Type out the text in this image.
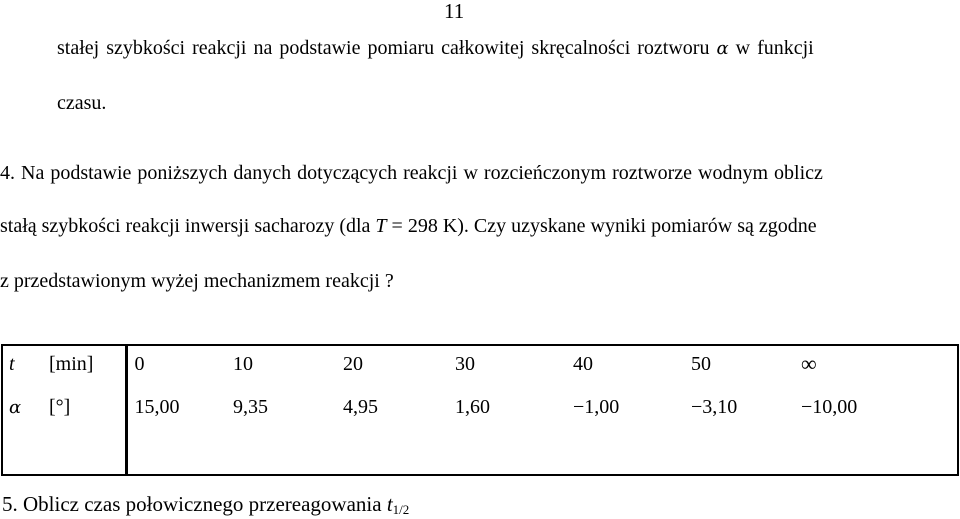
11
stałej szybkości reakcji na podstawie pomiaru całkowitej skręcalności roztworu α w funkcji
czasu.
4. Na podstawie poniższych danych dotyczących reakcji w rozcieńczonym roztworze wodnym oblicz
stałą szybkości reakcji inwersji sacharozy (dla T = 298 K). Czy uzyskane wyniki pomiarów są zgodne
z przedstawionym wyżej mechanizmem reakcji ?
t [min]	0	10	20	30	40	50	∞
α [°]	15,00	9,35	4,95	1,60	−1,00	−3,10	−10,00
5. Oblicz czas połowicznego przereagowania $t_{1/2}$
